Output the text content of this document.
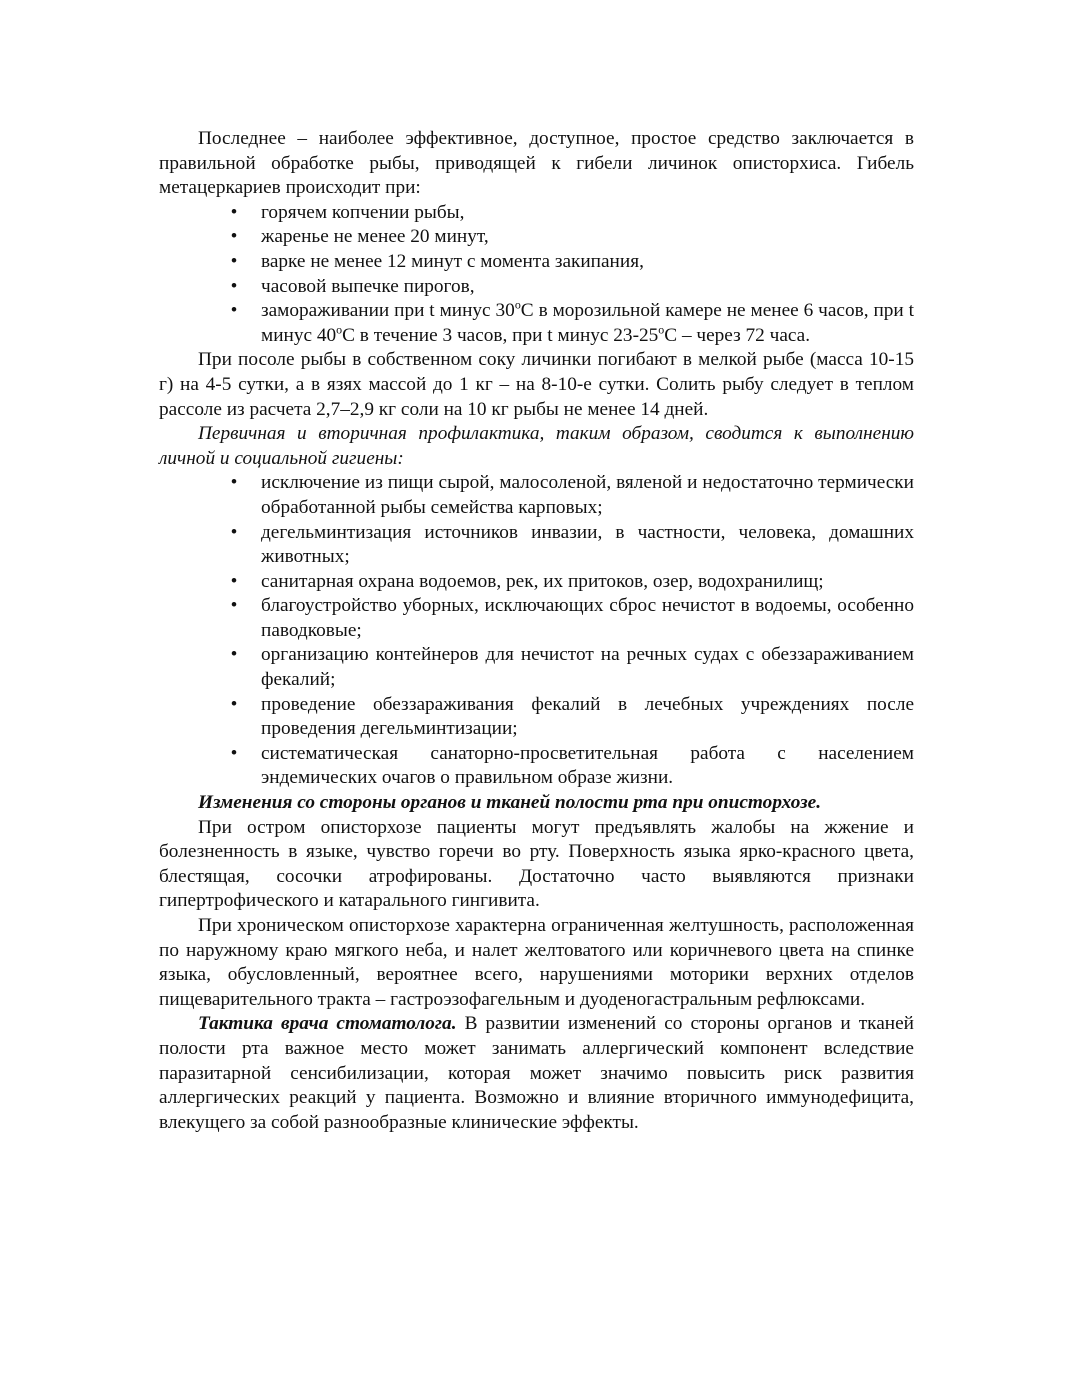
Последнее – наиболее эффективное, доступное, простое средство заключается в правильной обработке рыбы, приводящей к гибели личинок описторхиса. Гибель метацеркариев происходит при:

• горячем копчении рыбы,
• жаренье не менее 20 минут,
• варке не менее 12 минут с момента закипания,
• часовой выпечке пирогов,
• замораживании при t минус 30$^o$C в морозильной камере не менее 6 часов, при t минус 40$^o$C в течение 3 часов, при t минус 23-25$^o$C – через 72 часа.

При посоле рыбы в собственном соку личинки погибают в мелкой рыбе (масса 10-15 г) на 4-5 сутки, а в язях массой до 1 кг – на 8-10-е сутки. Солить рыбу следует в теплом рассоле из расчета 2,7–2,9 кг соли на 10 кг рыбы не менее 14 дней.

Первичная и вторичная профилактика, таким образом, сводится к выполнению личной и социальной гигиены:

• исключение из пищи сырой, малосоленой, вяленой и недостаточно термически обработанной рыбы семейства карповых;
• дегельминтизация источников инвазии, в частности, человека, домашних животных;
• санитарная охрана водоемов, рек, их притоков, озер, водохранилищ;
• благоустройство уборных, исключающих сброс нечистот в водоемы, особенно паводковые;
• организацию контейнеров для нечистот на речных судах с обеззараживанием фекалий;
• проведение обеззараживания фекалий в лечебных учреждениях после проведения дегельминтизации;
• систематическая санаторно-просветительная работа с населением эндемических очагов о правильном образе жизни.

Изменения со стороны органов и тканей полости рта при описторхозе.

При остром описторхозе пациенты могут предъявлять жалобы на жжение и болезненность в языке, чувство горечи во рту. Поверхность языка ярко-красного цвета, блестящая, сосочки атрофированы. Достаточно часто выявляются признаки гипертрофического и катарального гингивита.

При хроническом описторхозе характерна ограниченная желтушность, расположенная по наружному краю мягкого неба, и налет желтоватого или коричневого цвета на спинке языка, обусловленный, вероятнее всего, нарушениями моторики верхних отделов пищеварительного тракта – гастроэзофагельным и дуоденогастральным рефлюксами.

Тактика врача стоматолога. В развитии изменений со стороны органов и тканей полости рта важное место может занимать аллергический компонент вследствие паразитарной сенсибилизации, которая может значимо повысить риск развития аллергических реакций у пациента. Возможно и влияние вторичного иммунодефицита, влекущего за собой разнообразные клинические эффекты.
